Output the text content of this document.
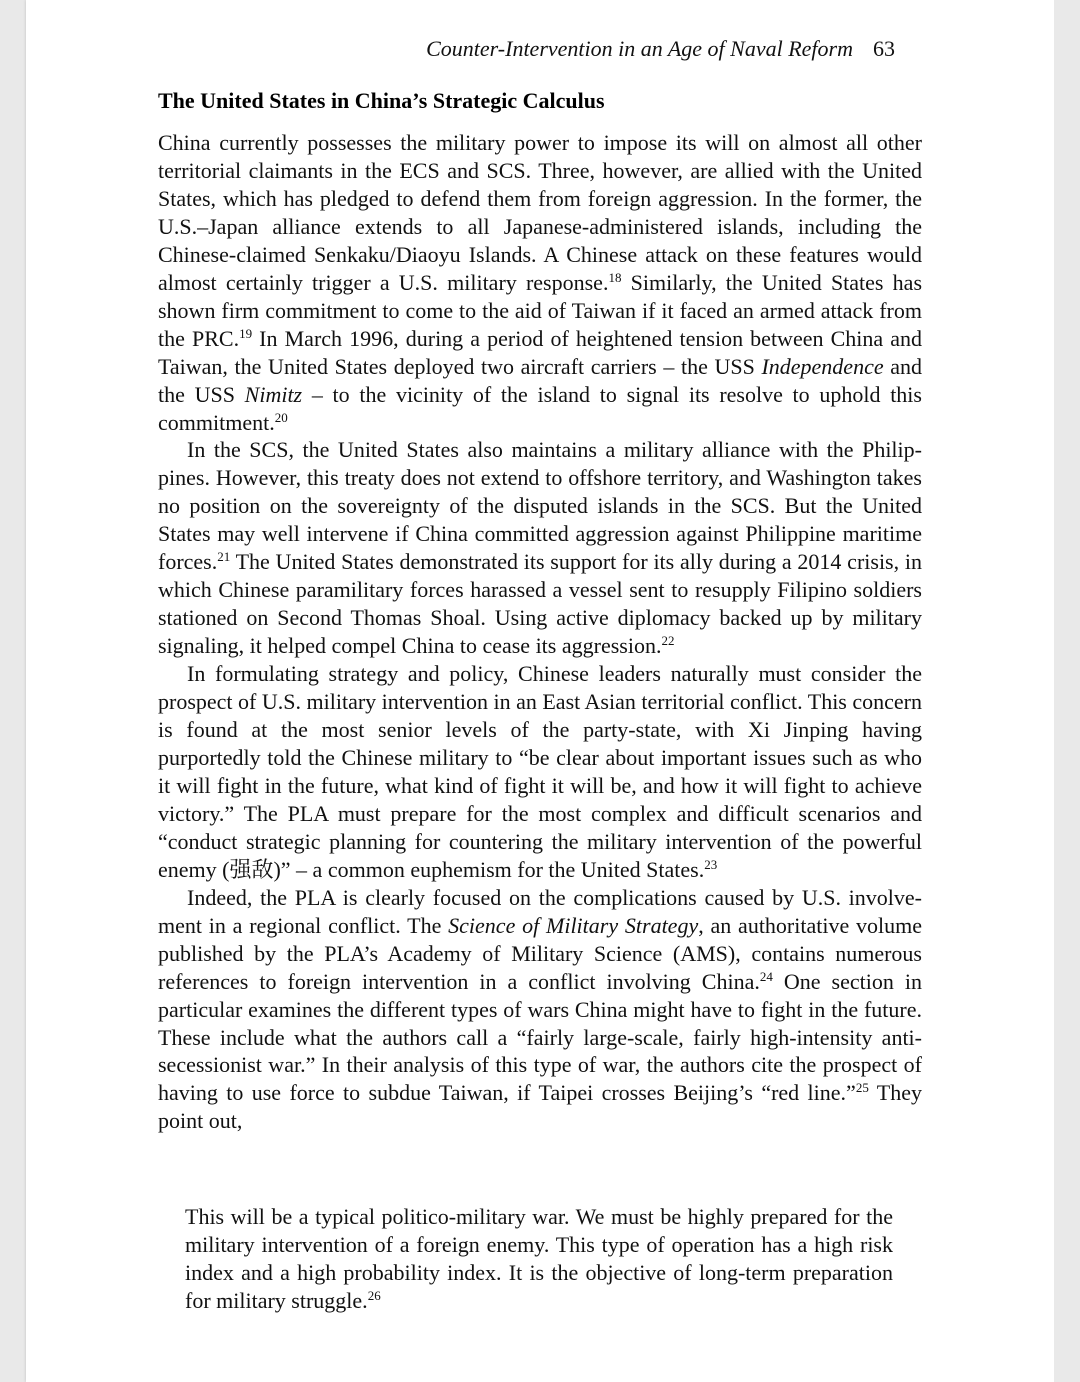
Counter-Intervention in an Age of Naval Reform 63
The United States in China’s Strategic Calculus

China currently possesses the military power to impose its will on almost all other territorial claimants in the ECS and SCS. Three, however, are allied with the United States, which has pledged to defend them from foreign aggression. In the former, the U.S.–Japan alliance extends to all Japanese-administered islands, including the Chinese-claimed Senkaku/Diaoyu Islands. A Chinese attack on these features would almost certainly trigger a U.S. military response.$^{18}$ Similarly, the United States has shown firm commitment to come to the aid of Taiwan if it faced an armed attack from the PRC.$^{19}$ In March 1996, during a period of heightened tension between China and Taiwan, the United States deployed two aircraft carriers – the USS Independence and the USS Nimitz – to the vicinity of the island to signal its resolve to uphold this commitment.$^{20}$

In the SCS, the United States also maintains a military alliance with the Philippines. However, this treaty does not extend to offshore territory, and Washington takes no position on the sovereignty of the disputed islands in the SCS. But the United States may well intervene if China committed aggression against Philippine maritime forces.$^{21}$ The United States demonstrated its support for its ally during a 2014 crisis, in which Chinese paramilitary forces harassed a vessel sent to resupply Filipino soldiers stationed on Second Thomas Shoal. Using active diplomacy backed up by military signaling, it helped compel China to cease its aggression.$^{22}$

In formulating strategy and policy, Chinese leaders naturally must consider the prospect of U.S. military intervention in an East Asian territorial conflict. This concern is found at the most senior levels of the party-state, with Xi Jinping having purportedly told the Chinese military to “be clear about important issues such as who it will fight in the future, what kind of fight it will be, and how it will fight to achieve victory.” The PLA must prepare for the most complex and difficult scenarios and “conduct strategic planning for countering the military intervention of the powerful enemy (强敌)” – a common euphemism for the United States.$^{23}$

Indeed, the PLA is clearly focused on the complications caused by U.S. involvement in a regional conflict. The Science of Military Strategy, an authoritative volume published by the PLA’s Academy of Military Science (AMS), contains numerous references to foreign intervention in a conflict involving China.$^{24}$ One section in particular examines the different types of wars China might have to fight in the future. These include what the authors call a “fairly large-scale, fairly high-intensity anti-secessionist war.” In their analysis of this type of war, the authors cite the prospect of having to use force to subdue Taiwan, if Taipei crosses Beijing’s “red line.”$^{25}$ They point out,

This will be a typical politico-military war. We must be highly prepared for the military intervention of a foreign enemy. This type of operation has a high risk index and a high probability index. It is the objective of long-term preparation for military struggle.$^{26}$
